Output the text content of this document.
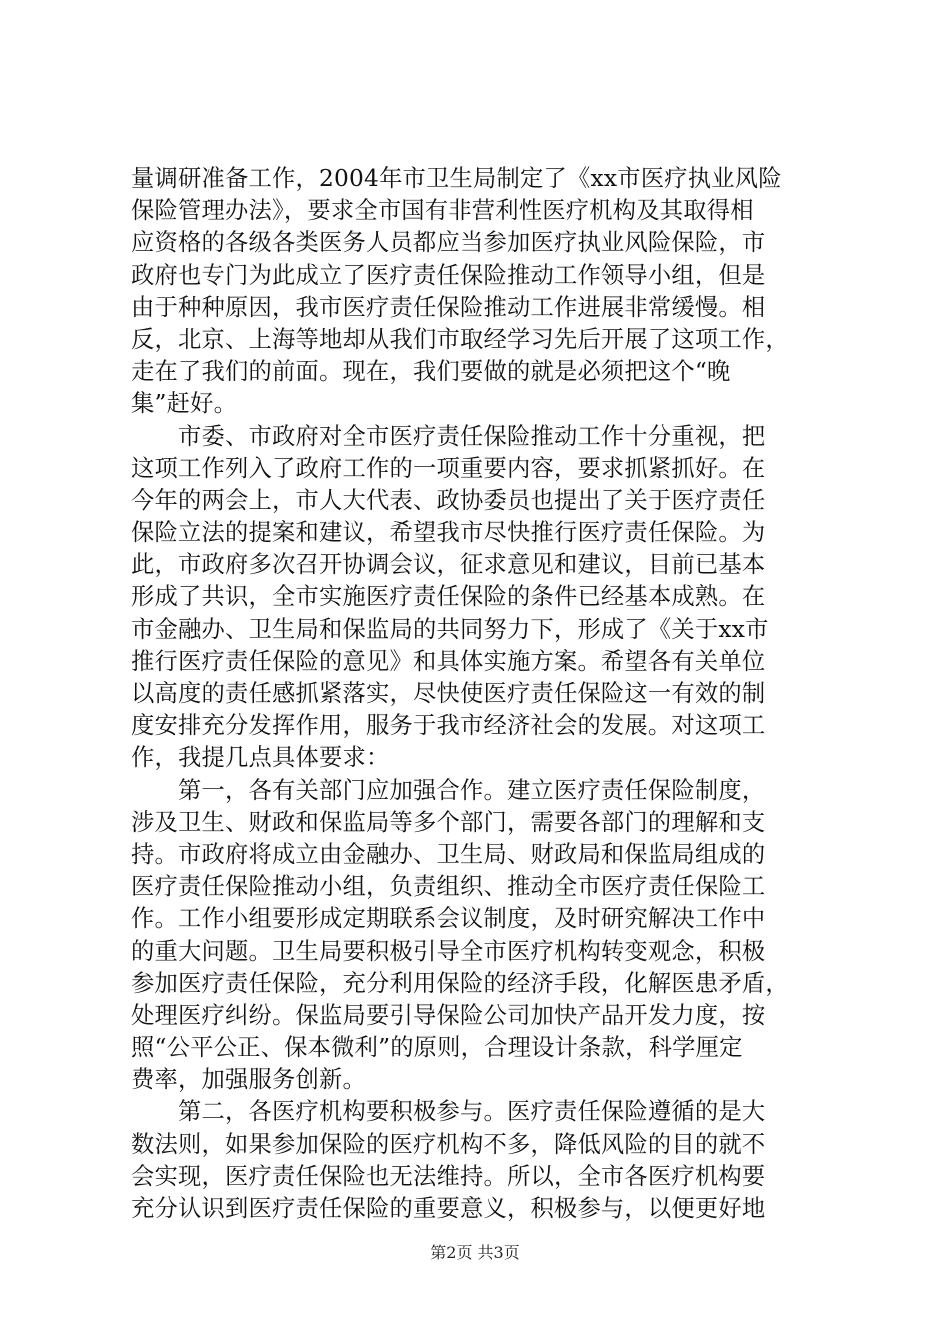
量调研准备工作，2004年市卫生局制定了《xx市医疗执业风险
保险管理办法》，要求全市国有非营利性医疗机构及其取得相
应资格的各级各类医务人员都应当参加医疗执业风险保险，市
政府也专门为此成立了医疗责任保险推动工作领导小组，但是
由于种种原因，我市医疗责任保险推动工作进展非常缓慢。相
反，北京、上海等地却从我们市取经学习先后开展了这项工作，
走在了我们的前面。现在，我们要做的就是必须把这个“晚
集”赶好。
　　市委、市政府对全市医疗责任保险推动工作十分重视，把
这项工作列入了政府工作的一项重要内容，要求抓紧抓好。在
今年的两会上，市人大代表、政协委员也提出了关于医疗责任
保险立法的提案和建议，希望我市尽快推行医疗责任保险。为
此，市政府多次召开协调会议，征求意见和建议，目前已基本
形成了共识，全市实施医疗责任保险的条件已经基本成熟。在
市金融办、卫生局和保监局的共同努力下，形成了《关于xx市
推行医疗责任保险的意见》和具体实施方案。希望各有关单位
以高度的责任感抓紧落实，尽快使医疗责任保险这一有效的制
度安排充分发挥作用，服务于我市经济社会的发展。对这项工
作，我提几点具体要求：
　　第一，各有关部门应加强合作。建立医疗责任保险制度，
涉及卫生、财政和保监局等多个部门，需要各部门的理解和支
持。市政府将成立由金融办、卫生局、财政局和保监局组成的
医疗责任保险推动小组，负责组织、推动全市医疗责任保险工
作。工作小组要形成定期联系会议制度，及时研究解决工作中
的重大问题。卫生局要积极引导全市医疗机构转变观念，积极
参加医疗责任保险，充分利用保险的经济手段，化解医患矛盾，
处理医疗纠纷。保监局要引导保险公司加快产品开发力度，按
照“公平公正、保本微利”的原则，合理设计条款，科学厘定
费率，加强服务创新。
　　第二，各医疗机构要积极参与。医疗责任保险遵循的是大
数法则，如果参加保险的医疗机构不多，降低风险的目的就不
会实现，医疗责任保险也无法维持。所以，全市各医疗机构要
充分认识到医疗责任保险的重要意义，积极参与，以便更好地
第2页 共3页
